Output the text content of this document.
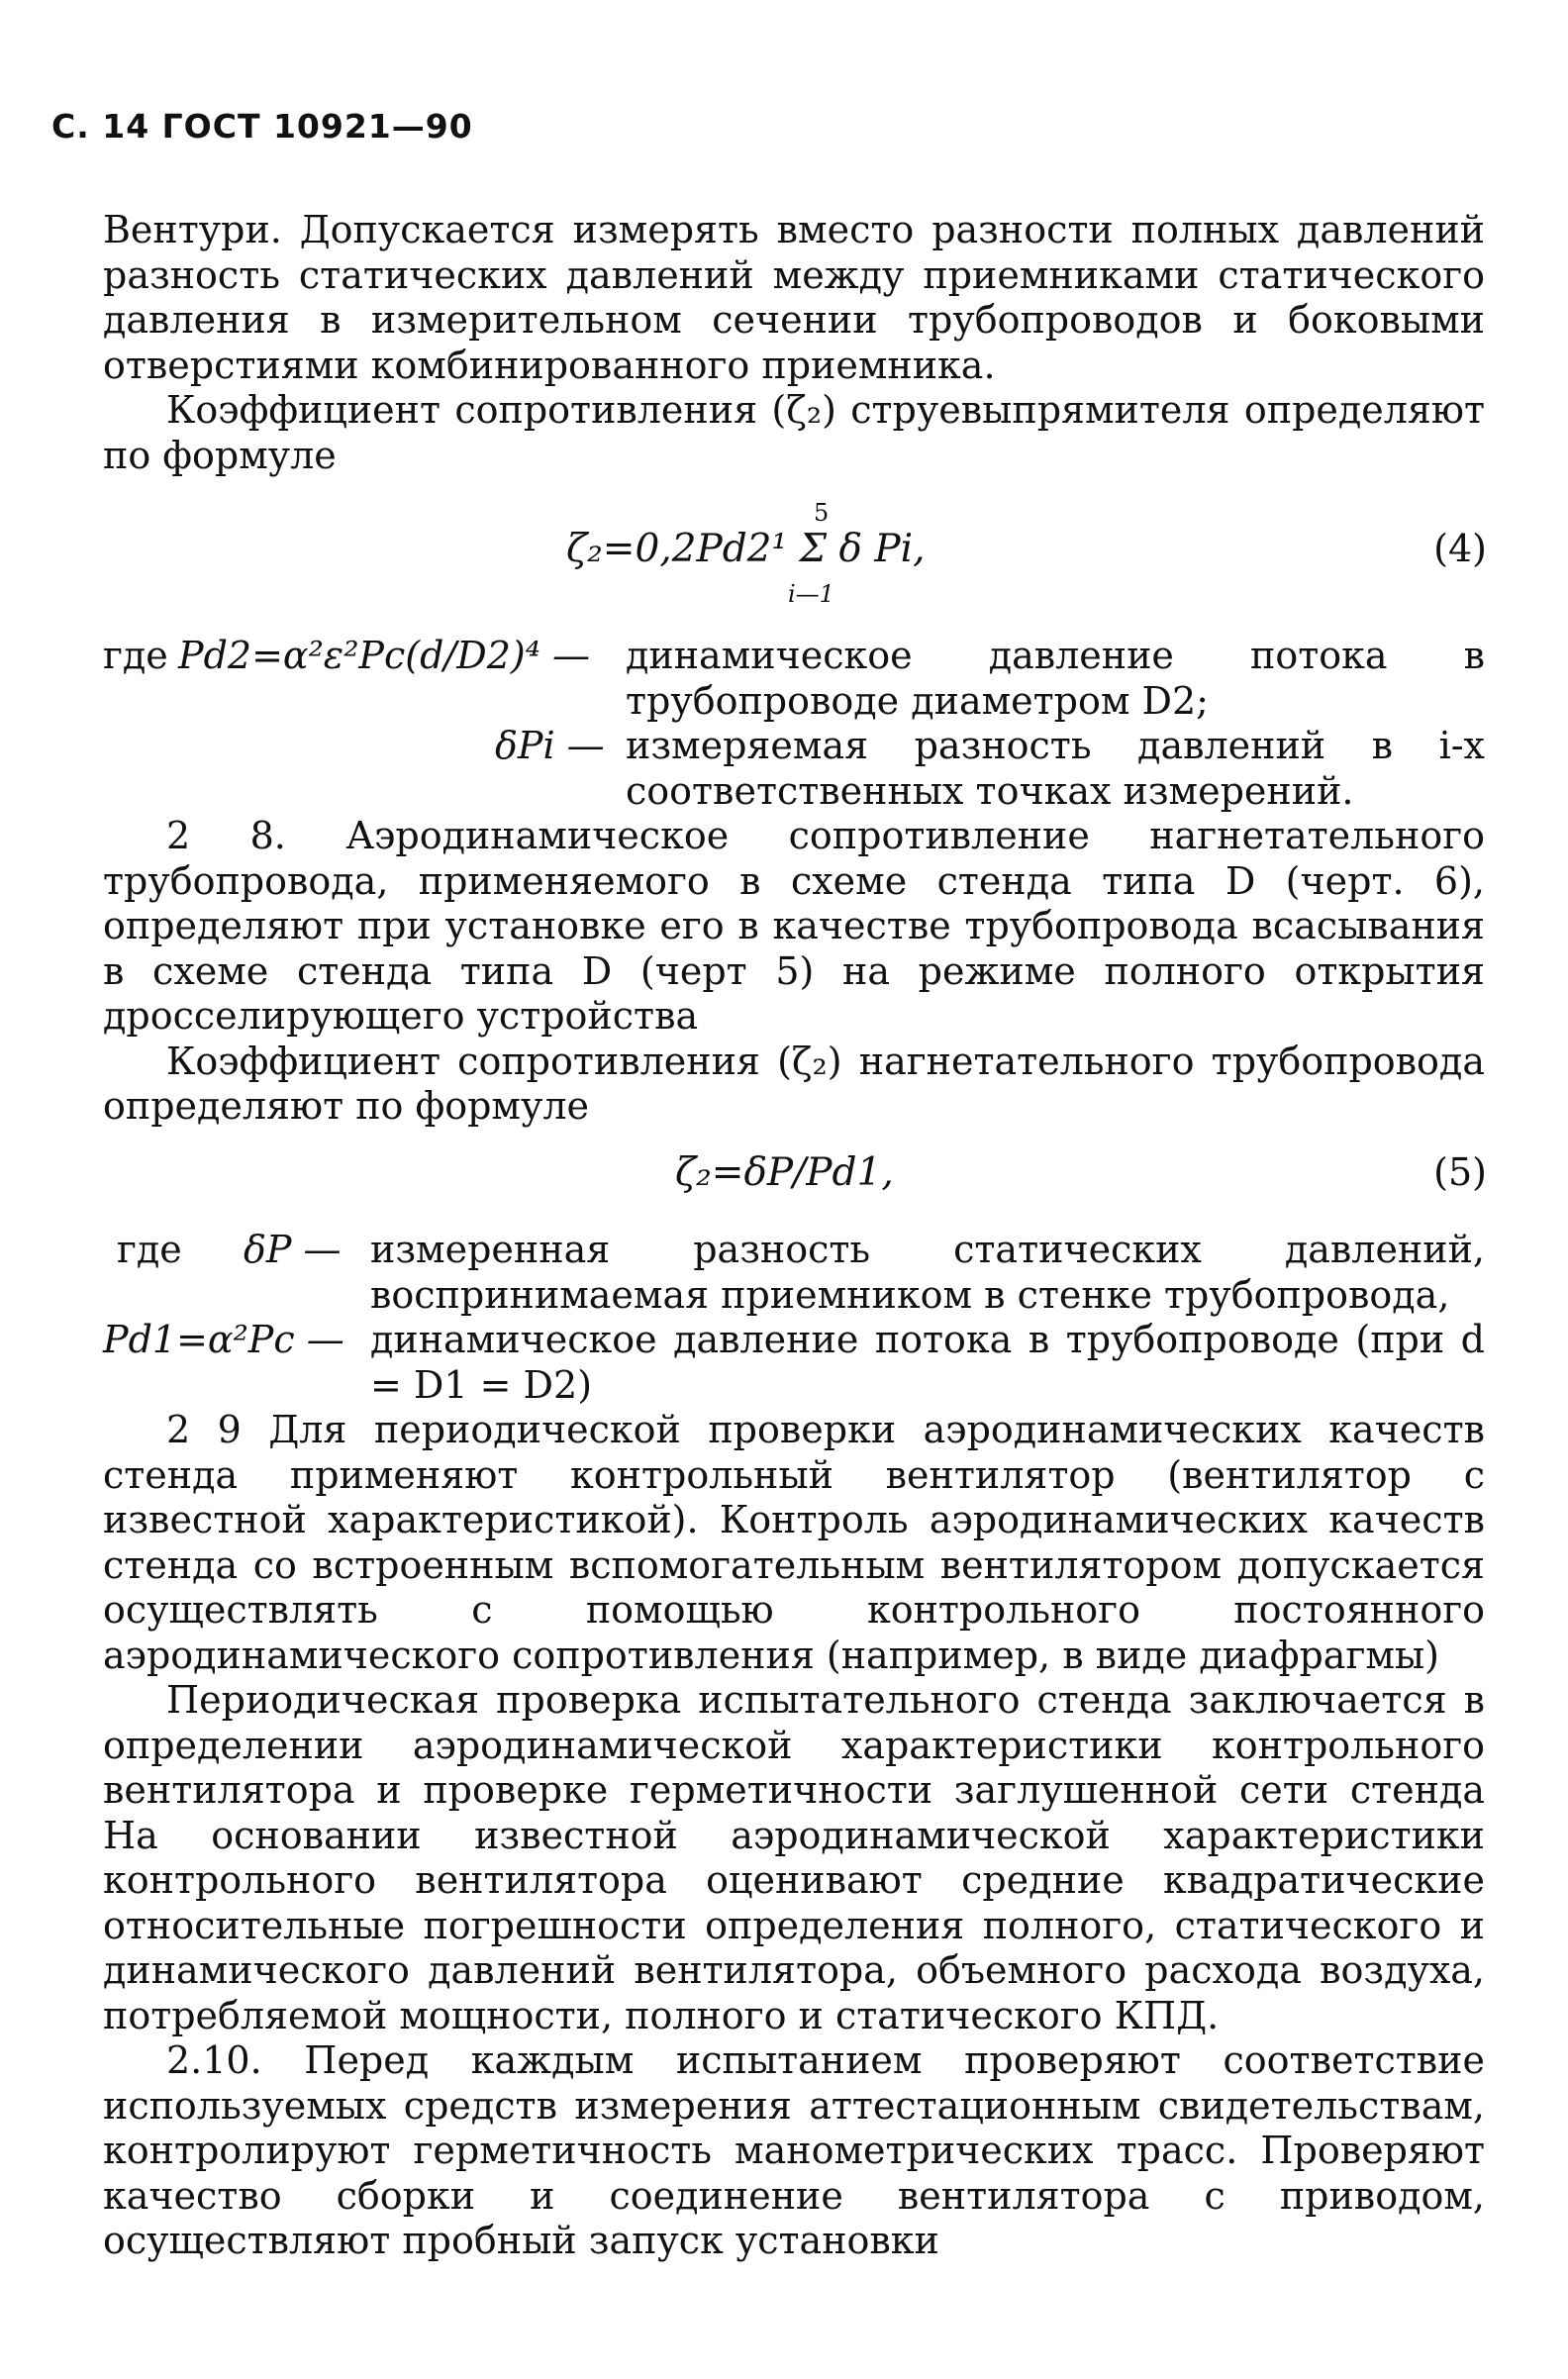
С. 14 ГОСТ 10921—90

Вентури. Допускается измерять вместо разности полных давлений разность статических давлений между приемниками статического давления в измерительном сечении трубопроводов и боковыми отверстиями комбинированного приемника.

Коэффициент сопротивления (ζ₂) струевыпрямителя определяют по формуле

5
ζ₂=0,2Pd2¹ Σ δ Pi,
i—1
(4)
где Pd2=α²ε²Pc(d/D2)⁴ — динамическое давление потока в трубопроводе диаметром D2;
δPi — измеряемая разность давлений в i-х соответственных точках измерений.

2 8. Аэродинамическое сопротивление нагнетательного трубопровода, применяемого в схеме стенда типа D (черт. 6), определяют при установке его в качестве трубопровода всасывания в схеме стенда типа D (черт 5) на режиме полного открытия дросселирующего устройства

Коэффициент сопротивления (ζ₂) нагнетательного трубопровода определяют по формуле

ζ₂=δP/Pd1,	(5)
где δP — измеренная разность статических давлений, воспринимаемая приемником в стенке трубопровода,
Pd1=α²Pc — динамическое давление потока в трубопроводе (при d = D1 = D2)

2 9 Для периодической проверки аэродинамических качеств стенда применяют контрольный вентилятор (вентилятор с известной характеристикой). Контроль аэродинамических качеств стенда со встроенным вспомогательным вентилятором допускается осуществлять с помощью контрольного постоянного аэродинамического сопротивления (например, в виде диафрагмы)

Периодическая проверка испытательного стенда заключается в определении аэродинамической характеристики контрольного вентилятора и проверке герметичности заглушенной сети стенда На основании известной аэродинамической характеристики контрольного вентилятора оценивают средние квадратические относительные погрешности определения полного, статического и динамического давлений вентилятора, объемного расхода воздуха, потребляемой мощности, полного и статического КПД.

2.10. Перед каждым испытанием проверяют соответствие используемых средств измерения аттестационным свидетельствам, контролируют герметичность манометрических трасс. Проверяют качество сборки и соединение вентилятора с приводом, осуществляют пробный запуск установки
